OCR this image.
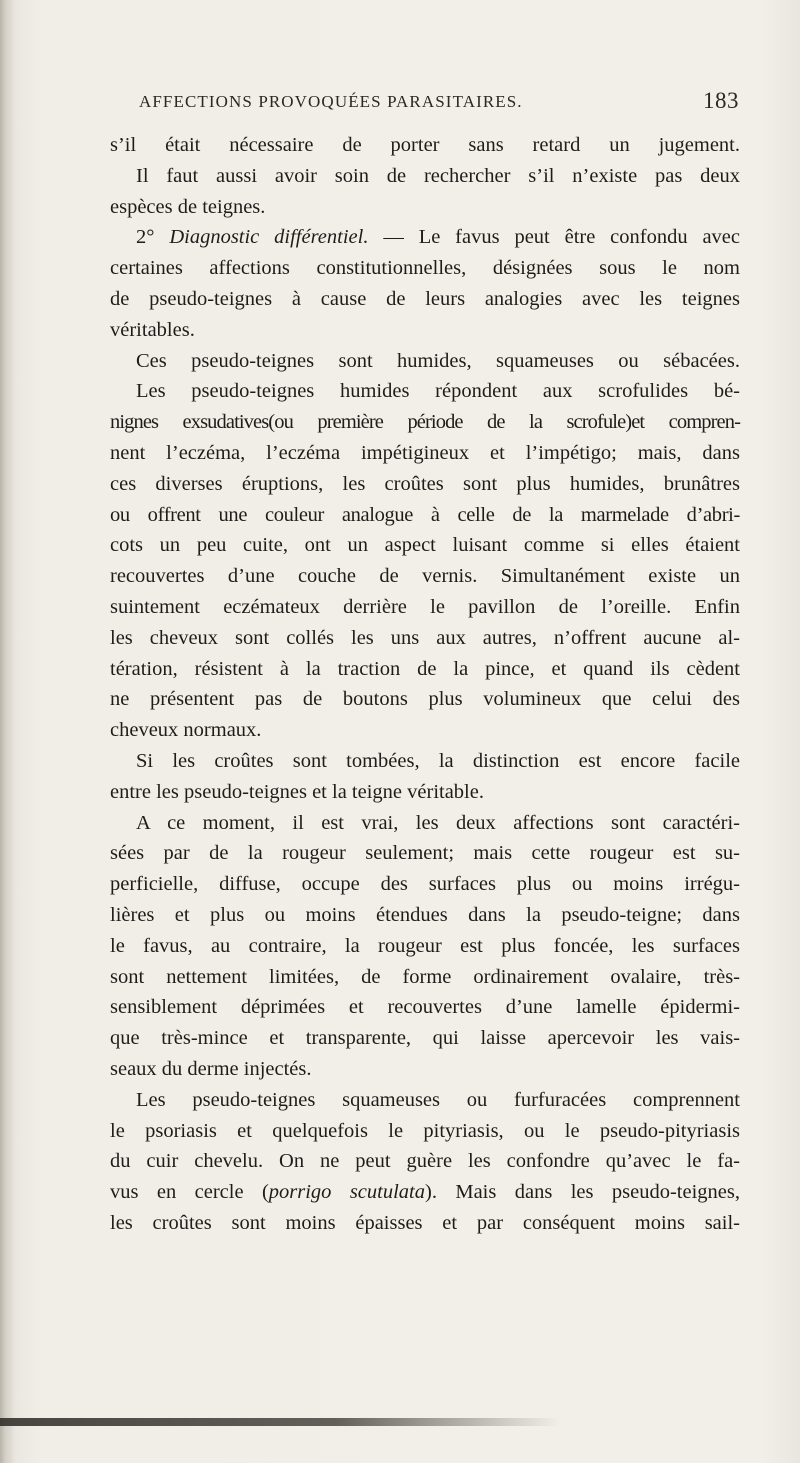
AFFECTIONS PROVOQUÉES PARASITAIRES.	183
s’il était nécessaire de porter sans retard un jugement.
Il faut aussi avoir soin de rechercher s’il n’existe pas deux
espèces de teignes.
2° Diagnostic différentiel. — Le favus peut être confondu avec
certaines affections constitutionnelles, désignées sous le nom
de pseudo-teignes à cause de leurs analogies avec les teignes
véritables.
Ces pseudo-teignes sont humides, squameuses ou sébacées.
Les pseudo-teignes humides répondent aux scrofulides bé-
nignes exsudatives(ou première période de la scrofule)et compren-
nent l’eczéma, l’eczéma impétigineux et l’impétigo; mais, dans
ces diverses éruptions, les croûtes sont plus humides, brunâtres
ou offrent une couleur analogue à celle de la marmelade d’abri-
cots un peu cuite, ont un aspect luisant comme si elles étaient
recouvertes d’une couche de vernis. Simultanément existe un
suintement eczémateux derrière le pavillon de l’oreille. Enfin
les cheveux sont collés les uns aux autres, n’offrent aucune al-
tération, résistent à la traction de la pince, et quand ils cèdent
ne présentent pas de boutons plus volumineux que celui des
cheveux normaux.
Si les croûtes sont tombées, la distinction est encore facile
entre les pseudo-teignes et la teigne véritable.
A ce moment, il est vrai, les deux affections sont caractéri-
sées par de la rougeur seulement; mais cette rougeur est su-
perficielle, diffuse, occupe des surfaces plus ou moins irrégu-
lières et plus ou moins étendues dans la pseudo-teigne; dans
le favus, au contraire, la rougeur est plus foncée, les surfaces
sont nettement limitées, de forme ordinairement ovalaire, très-
sensiblement déprimées et recouvertes d’une lamelle épidermi-
que très-mince et transparente, qui laisse apercevoir les vais-
seaux du derme injectés.
Les pseudo-teignes squameuses ou furfuracées comprennent
le psoriasis et quelquefois le pityriasis, ou le pseudo-pityriasis
du cuir chevelu. On ne peut guère les confondre qu’avec le fa-
vus en cercle (porrigo scutulata). Mais dans les pseudo-teignes,
les croûtes sont moins épaisses et par conséquent moins sail-
